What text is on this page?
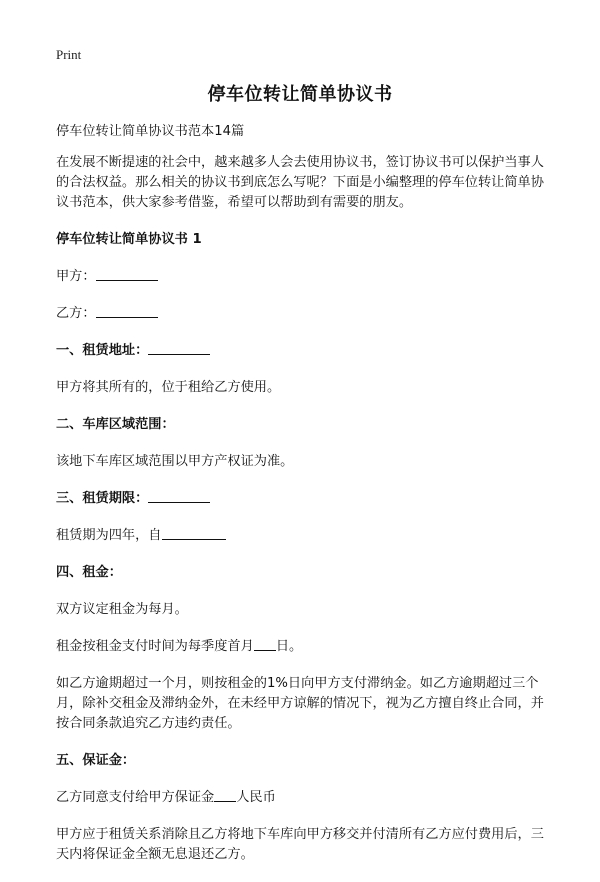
Print
停车位转让简单协议书

停车位转让简单协议书范本14篇

在发展不断提速的社会中，越来越多人会去使用协议书，签订协议书可以保护当事人的合法权益。那么相关的协议书到底怎么写呢？下面是小编整理的停车位转让简单协议书范本，供大家参考借鉴，希望可以帮助到有需要的朋友。

停车位转让简单协议书 1

甲方：

乙方：

一、租赁地址：

甲方将其所有的，位于租给乙方使用。

二、车库区域范围：

该地下车库区域范围以甲方产权证为准。

三、租赁期限：

租赁期为四年，自

四、租金：

双方议定租金为每月。

租金按租金支付时间为每季度首月 日。

如乙方逾期超过一个月，则按租金的1%日向甲方支付滞纳金。如乙方逾期超过三个月，除补交租金及滞纳金外，在未经甲方谅解的情况下，视为乙方擅自终止合同，并按合同条款追究乙方违约责任。

五、保证金：

乙方同意支付给甲方保证金 人民币

甲方应于租赁关系消除且乙方将地下车库向甲方移交并付清所有乙方应付费用后，三天内将保证金全额无息退还乙方。
